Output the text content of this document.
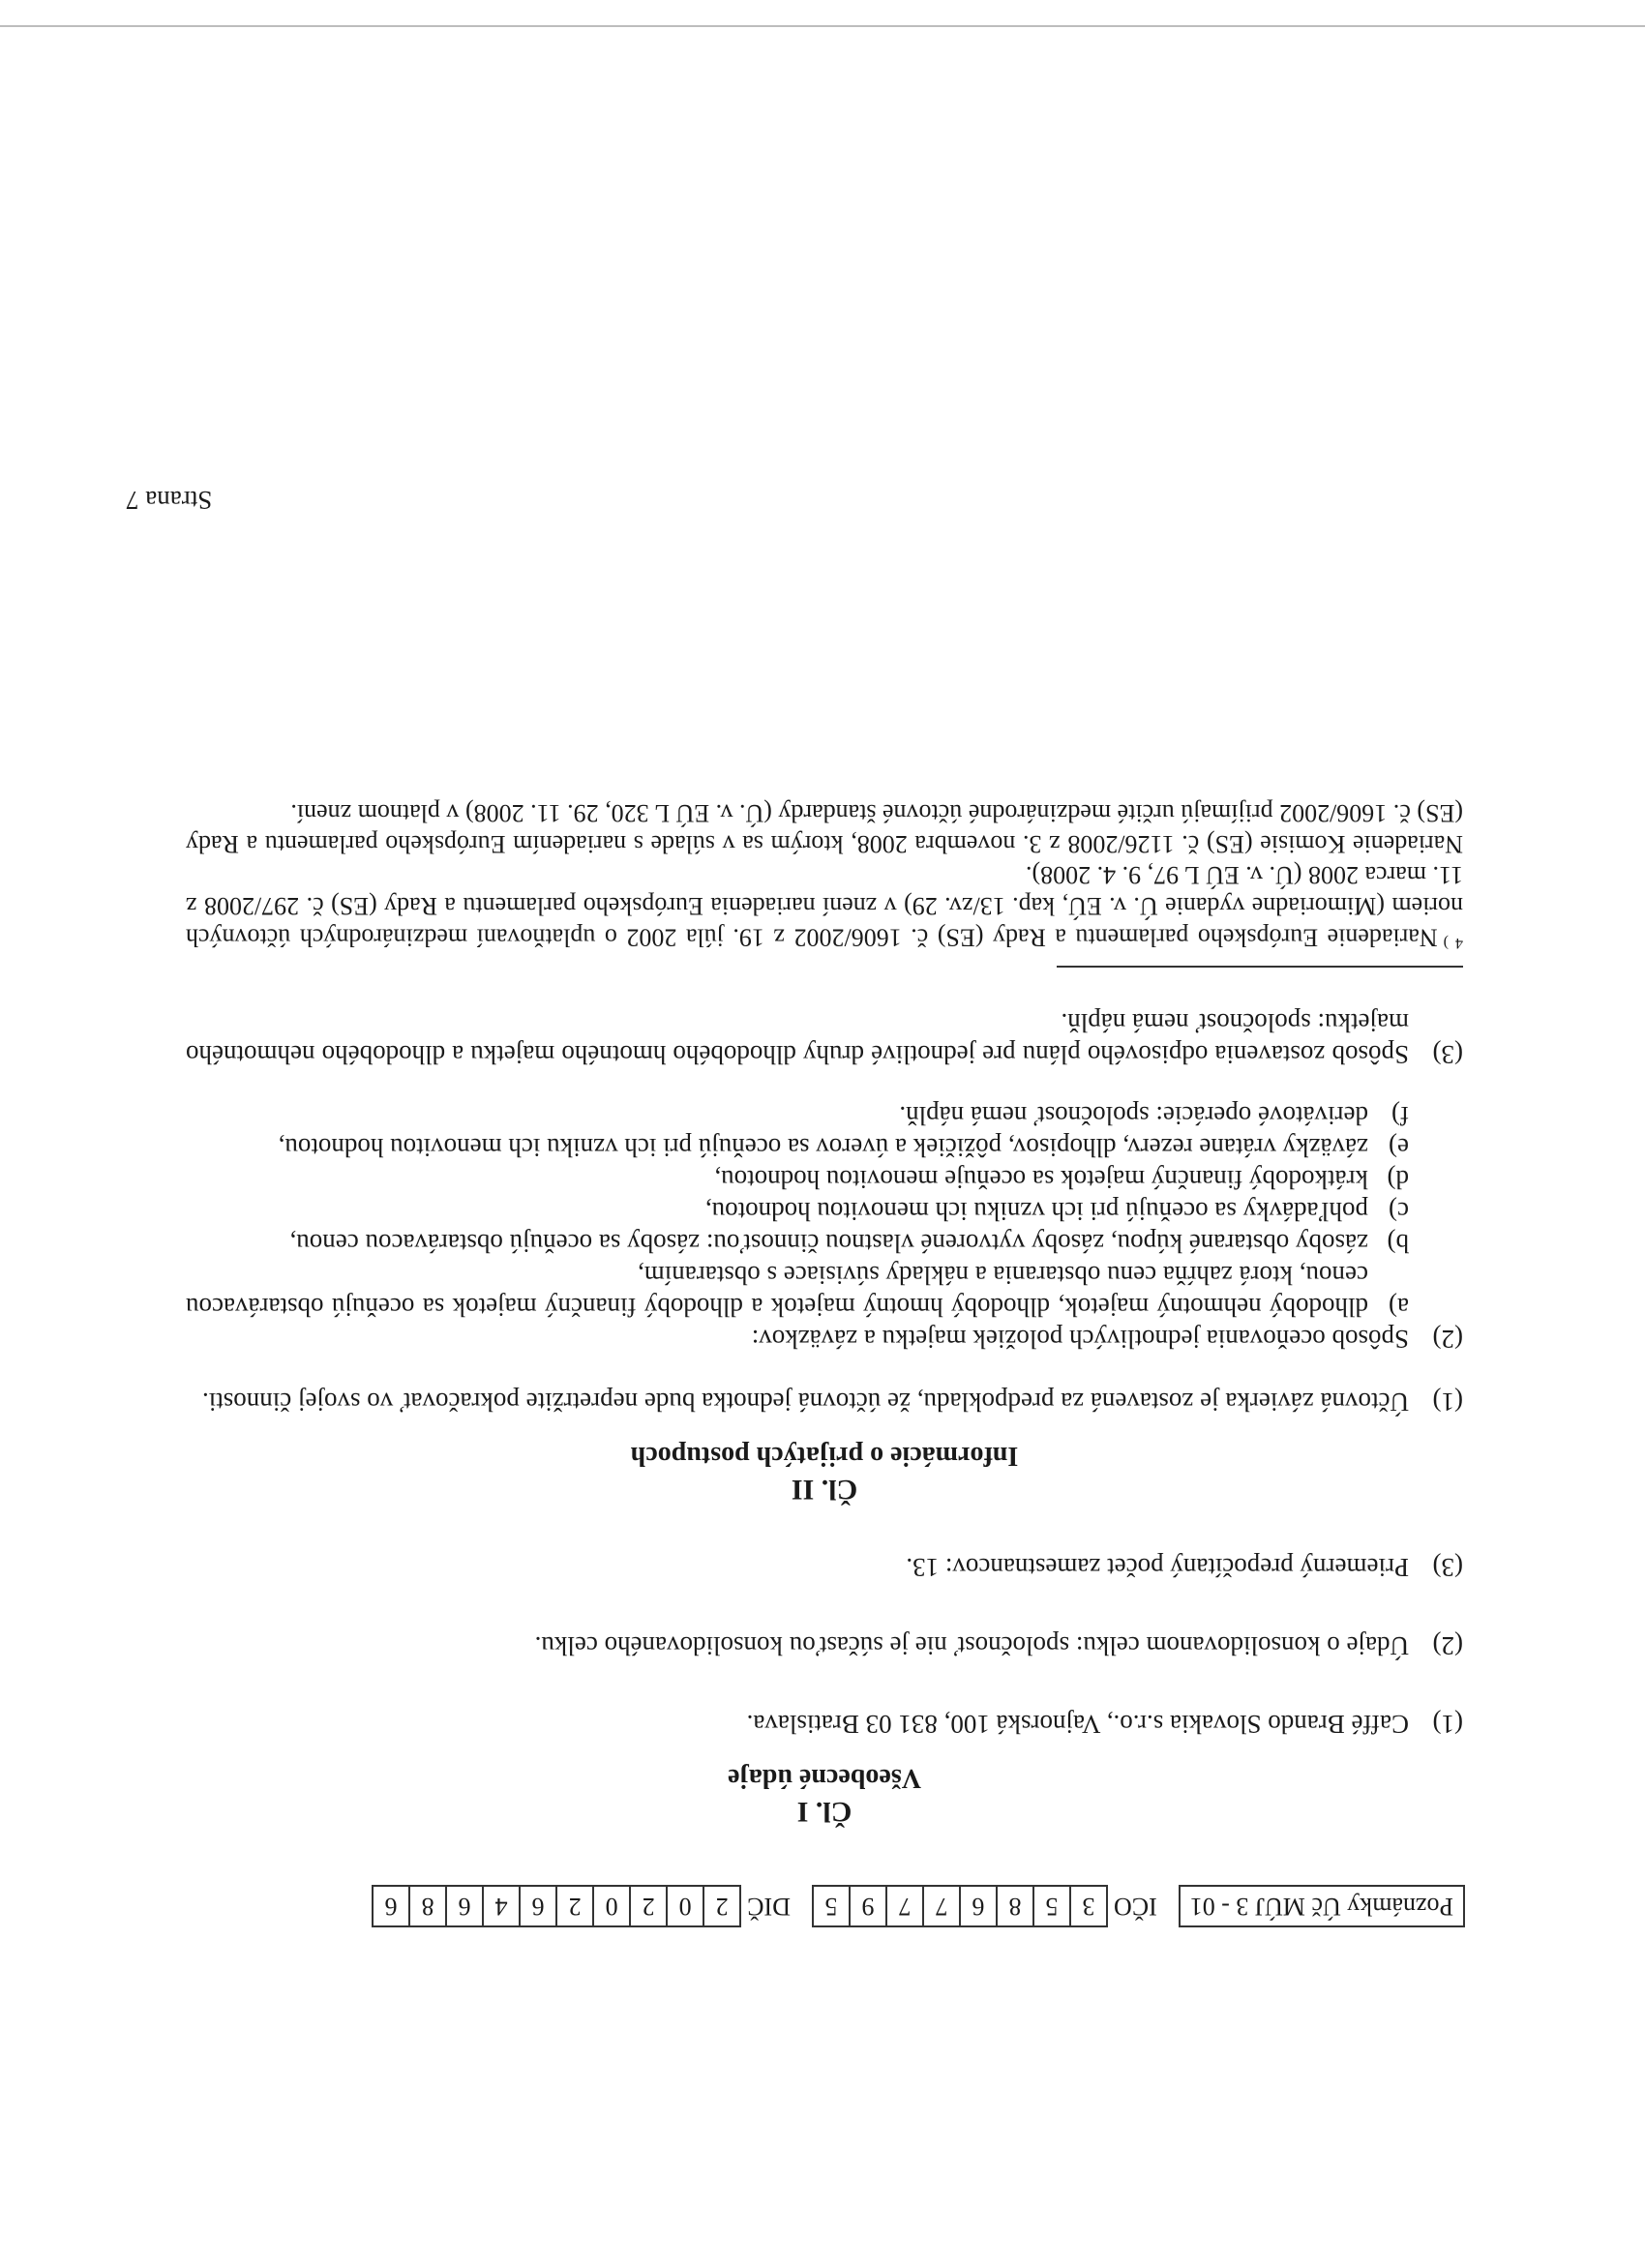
Poznámky Úč MÚJ 3 - 01
IČO
3
5
8
6
7
7
9
5
DIČ
2
0
2
0
2
6
4
6
8
6
Čl. I
Všeobecné údaje
(1)
Caffé Brando Slovakia s.r.o., Vajnorská 100, 831 03 Bratislava.
(2)
Údaje o konsolidovanom celku: spoločnosť nie je súčasťou konsolidovaného celku.
(3)
Priemerný prepočítaný počet zamestnancov: 13.
Čl. II
Informácie o prijatých postupoch
(1)
Účtovná závierka je zostavená za predpokladu, že účtovná jednotka bude nepretržite pokračovať vo svojej činnosti.
(2)
Spôsob oceňovania jednotlivých položiek majetku a záväzkov:
a)
dlhodobý nehmotný majetok, dlhodobý hmotný majetok a dlhodobý finančný majetok sa oceňujú obstarávacou cenou, ktorá zahŕňa cenu obstarania a náklady súvisiace s obstaraním,
b)
zásoby obstarané kúpou, zásoby vytvorené vlastnou činnosťou: zásoby sa oceňujú obstarávacou cenou,
c)
pohľadávky sa oceňujú pri ich vzniku ich menovitou hodnotou,
d)
krátkodobý finančný majetok sa oceňuje menovitou hodnotou,
e)
záväzky vrátane rezerv, dlhopisov, pôžičiek a úverov sa oceňujú pri ich vzniku ich menovitou hodnotou,
f)
derivátové operácie: spoločnosť nemá náplň.
(3)
Spôsob zostavenia odpisového plánu pre jednotlivé druhy dlhodobého hmotného majetku a dlhodobého nehmotného majetku: spoločnosť nemá náplň.
$^{4 )}$Nariadenie Európskeho parlamentu a Rady (ES) č. 1606/2002 z 19. júla 2002 o uplatňovaní medzinárodných účtovných noriem (Mimoriadne vydanie Ú. v. EÚ, kap. 13/zv. 29) v znení nariadenia Európskeho parlamentu a Rady (ES) č. 297/2008 z 11. marca 2008 (Ú. v. EÚ L 97, 9. 4. 2008).
Nariadenie Komisie (ES) č. 1126/2008 z 3. novembra 2008, ktorým sa v súlade s nariadením Európskeho parlamentu a Rady (ES) č. 1606/2002 prijímajú určité medzinárodné účtovné štandardy (Ú. v. EÚ L 320, 29. 11. 2008) v platnom znení.
Strana 7
